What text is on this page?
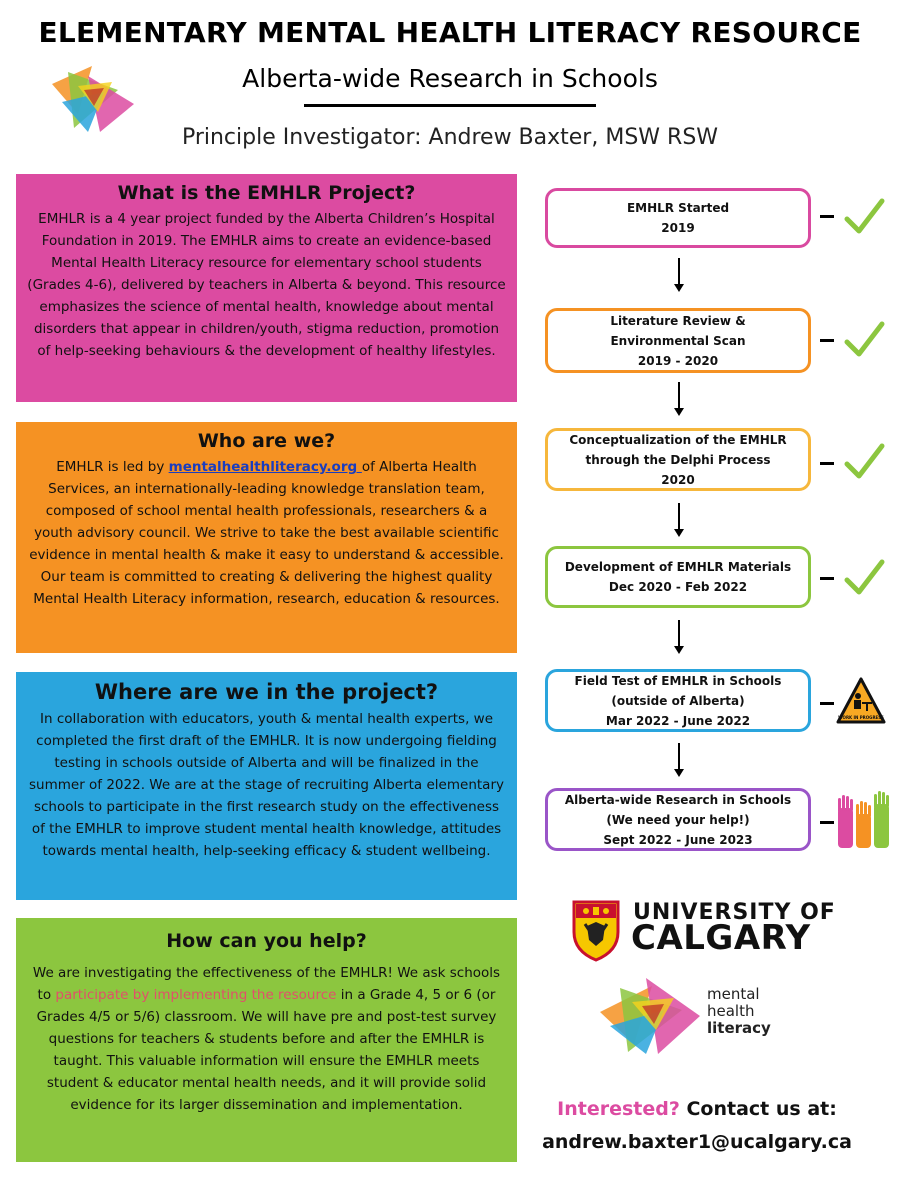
ELEMENTARY MENTAL HEALTH LITERACY RESOURCE
Alberta-wide Research in Schools
Principle Investigator: Andrew Baxter, MSW RSW
What is the EMHLR Project?

EMHLR is a 4 year project funded by the Alberta Children’s Hospital Foundation in 2019. The EMHLR aims to create an evidence-based Mental Health Literacy resource for elementary school students (Grades 4-6), delivered by teachers in Alberta & beyond. This resource emphasizes the science of mental health, knowledge about mental disorders that appear in children/youth, stigma reduction, promotion of help-seeking behaviours & the development of healthy lifestyles.

Who are we?

EMHLR is led by mentalhealthliteracy.org of Alberta Health Services, an internationally-leading knowledge translation team, composed of school mental health professionals, researchers & a youth advisory council. We strive to take the best available scientific evidence in mental health & make it easy to understand & accessible. Our team is committed to creating & delivering the highest quality Mental Health Literacy information, research, education & resources.

Where are we in the project?

In collaboration with educators, youth & mental health experts, we completed the first draft of the EMHLR. It is now undergoing fielding testing in schools outside of Alberta and will be finalized in the summer of 2022. We are at the stage of recruiting Alberta elementary schools to participate in the first research study on the effectiveness of the EMHLR to improve student mental health knowledge, attitudes towards mental health, help-seeking efficacy & student wellbeing.

How can you help?

We are investigating the effectiveness of the EMHLR! We ask schools to participate by implementing the resource in a Grade 4, 5 or 6 (or Grades 4/5 or 5/6) classroom. We will have pre and post-test survey questions for teachers & students before and after the EMHLR is taught. This valuable information will ensure the EMHLR meets student & educator mental health needs, and it will provide solid evidence for its larger dissemination and implementation.

EMHLR Started
2019
Literature Review &
Environmental Scan
2019 - 2020
Conceptualization of the EMHLR
through the Delphi Process
2020
Development of EMHLR Materials
Dec 2020 - Feb 2022
Field Test of EMHLR in Schools
(outside of Alberta)
Mar 2022 - June 2022
Alberta-wide Research in Schools
(We need your help!)
Sept 2022 - June 2023
WORK IN PROGRESS
UNIVERSITY OF
CALGARY
mental
health
literacy
Interested? Contact us at:
andrew.baxter1@ucalgary.ca
